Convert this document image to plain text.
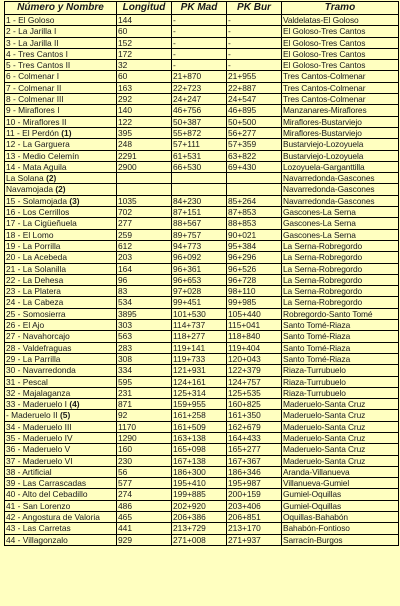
Número y Nombre	Longitud	PK Mad	PK Bur	Tramo
1 - El Goloso	144	-	-	Valdelatas-El Goloso
2 - La Jarilla I	60	-	-	El Goloso-Tres Cantos
3 - La Jarilla II	152	-	-	El Goloso-Tres Cantos
4 - Tres Cantos I	172	-	-	El Goloso-Tres Cantos
5 - Tres Cantos II	32	-	-	El Goloso-Tres Cantos
6 - Colmenar I	60	21+870	21+955	Tres Cantos-Colmenar
7 - Colmenar II	163	22+723	22+887	Tres Cantos-Colmenar
8 - Colmenar III	292	24+247	24+547	Tres Cantos-Colmenar
9 - Miraflores I	140	46+756	46+895	Manzanares-Miraflores
10 - Miraflores II	122	50+387	50+500	Miraflores-Bustarviejo
11 - El Perdón (1)	395	55+872	56+277	Miraflores-Bustarviejo
12 - La Garguera	248	57+111	57+359	Bustarviejo-Lozoyuela
13 - Medio Celemín	2291	61+531	63+822	Bustarviejo-Lozoyuela
14 - Mata Aguila	2900	66+530	69+430	Lozoyuela-Garganttilla
La Solana (2)				Navarredonda-Gascones
Navamojada (2)				Navarredonda-Gascones
15 - Solamojada (3)	1035	84+230	85+264	Navarredonda-Gascones
16 - Los Cerrillos	702	87+151	87+853	Gascones-La Serna
17 - La Cigüeñuela	277	88+567	88+853	Gascones-La Serna
18 - El Lomo	259	89+757	90+021	Gascones-La Serna
19 - La Porrilla	612	94+773	95+384	La Serna-Robregordo
20 - La Acebeda	203	96+092	96+296	La Serna-Robregordo
21 - La Solanilla	164	96+361	96+526	La Serna-Robregordo
22 - La Dehesa	96	96+653	96+728	La Serna-Robregordo
23 - La Platera	83	97+028	98+110	La Serna-Robregordo
24 - La Cabeza	534	99+451	99+985	La Serna-Robregordo
25 - Somosierra	3895	101+530	105+440	Robregordo-Santo Tomé
26 - El Ajo	303	114+737	115+041	Santo Tomé-Riaza
27 - Navahorcajo	563	118+277	118+840	Santo Tomé-Riaza
28 - Valdefraguas	283	119+141	119+404	Santo Tomé-Riaza
29 - La Parrilla	308	119+733	120+043	Santo Tomé-Riaza
30 - Navarredonda	334	121+931	122+379	Riaza-Turrubuelo
31 - Pescal	595	124+161	124+757	Riaza-Turrubuelo
32 - Majalaganza	231	125+314	125+535	Riaza-Turrubuelo
33 - Maderuelo I (4)	871	159+955	160+825	Maderuelo-Santa Cruz
- Maderuelo II (5)	92	161+258	161+350	Maderuelo-Santa Cruz
34 - Maderuelo III	1170	161+509	162+679	Maderuelo-Santa Cruz
35 - Maderuelo IV	1290	163+138	164+433	Maderuelo-Santa Cruz
36 - Maderuelo V	160	165+098	165+277	Maderuelo-Santa Cruz
37 - Maderuelo VI	230	167+138	167+367	Maderuelo-Santa Cruz
38 - Artificial	56	186+300	186+346	Aranda-Villanueva
39 - Las Carrascadas	577	195+410	195+987	Villanueva-Gumiel
40 - Alto del Cebadillo	274	199+885	200+159	Gumiel-Oquillas
41 - San Lorenzo	486	202+920	203+406	Gumiel-Oquillas
42 - Angostura de Valoria	465	206+386	206+851	Oquillas-Bahabón
43 - Las Carretas	441	213+729	213+170	Bahabón-Fontioso
44 - Villagonzalo	929	271+008	271+937	Sarracín-Burgos
